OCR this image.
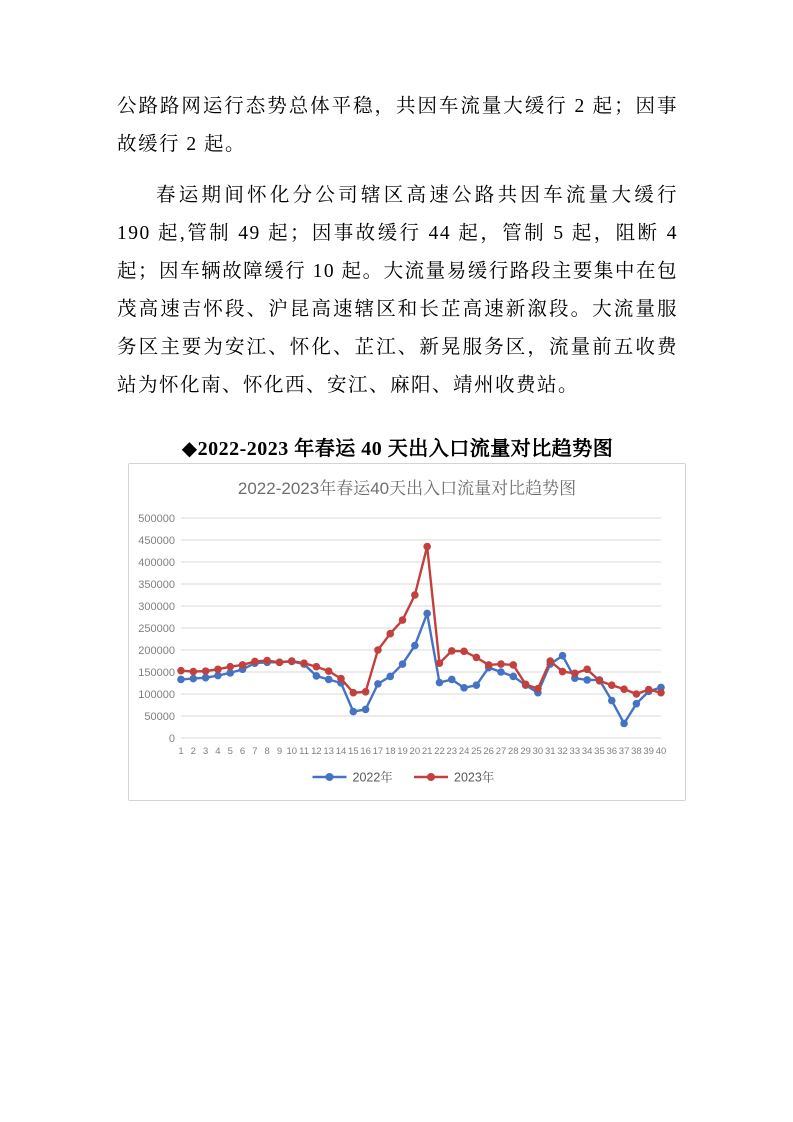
公路路网运行态势总体平稳，共因车流量大缓行 2 起；因事故缓行 2 起。

春运期间怀化分公司辖区高速公路共因车流量大缓行 190 起,管制 49 起；因事故缓行 44 起，管制 5 起，阻断 4 起；因车辆故障缓行 10 起。大流量易缓行路段主要集中在包茂高速吉怀段、沪昆高速辖区和长芷高速新溆段。大流量服务区主要为安江、怀化、芷江、新晃服务区，流量前五收费站为怀化南、怀化西、安江、麻阳、靖州收费站。

◆2022-2023 年春运 40 天出入口流量对比趋势图
2022-2023年春运40天出入口流量对比趋势图
0
50000
100000
150000
200000
250000
300000
350000
400000
450000
500000
1 2 3 4 5 6 7 8 9 10 11 12 13 14 15 16 17 18 19 20 21 22 23 24 25 26 27 28 29 30 31 32 33 34 35 36 37 38 39 40
2022年	2023年
